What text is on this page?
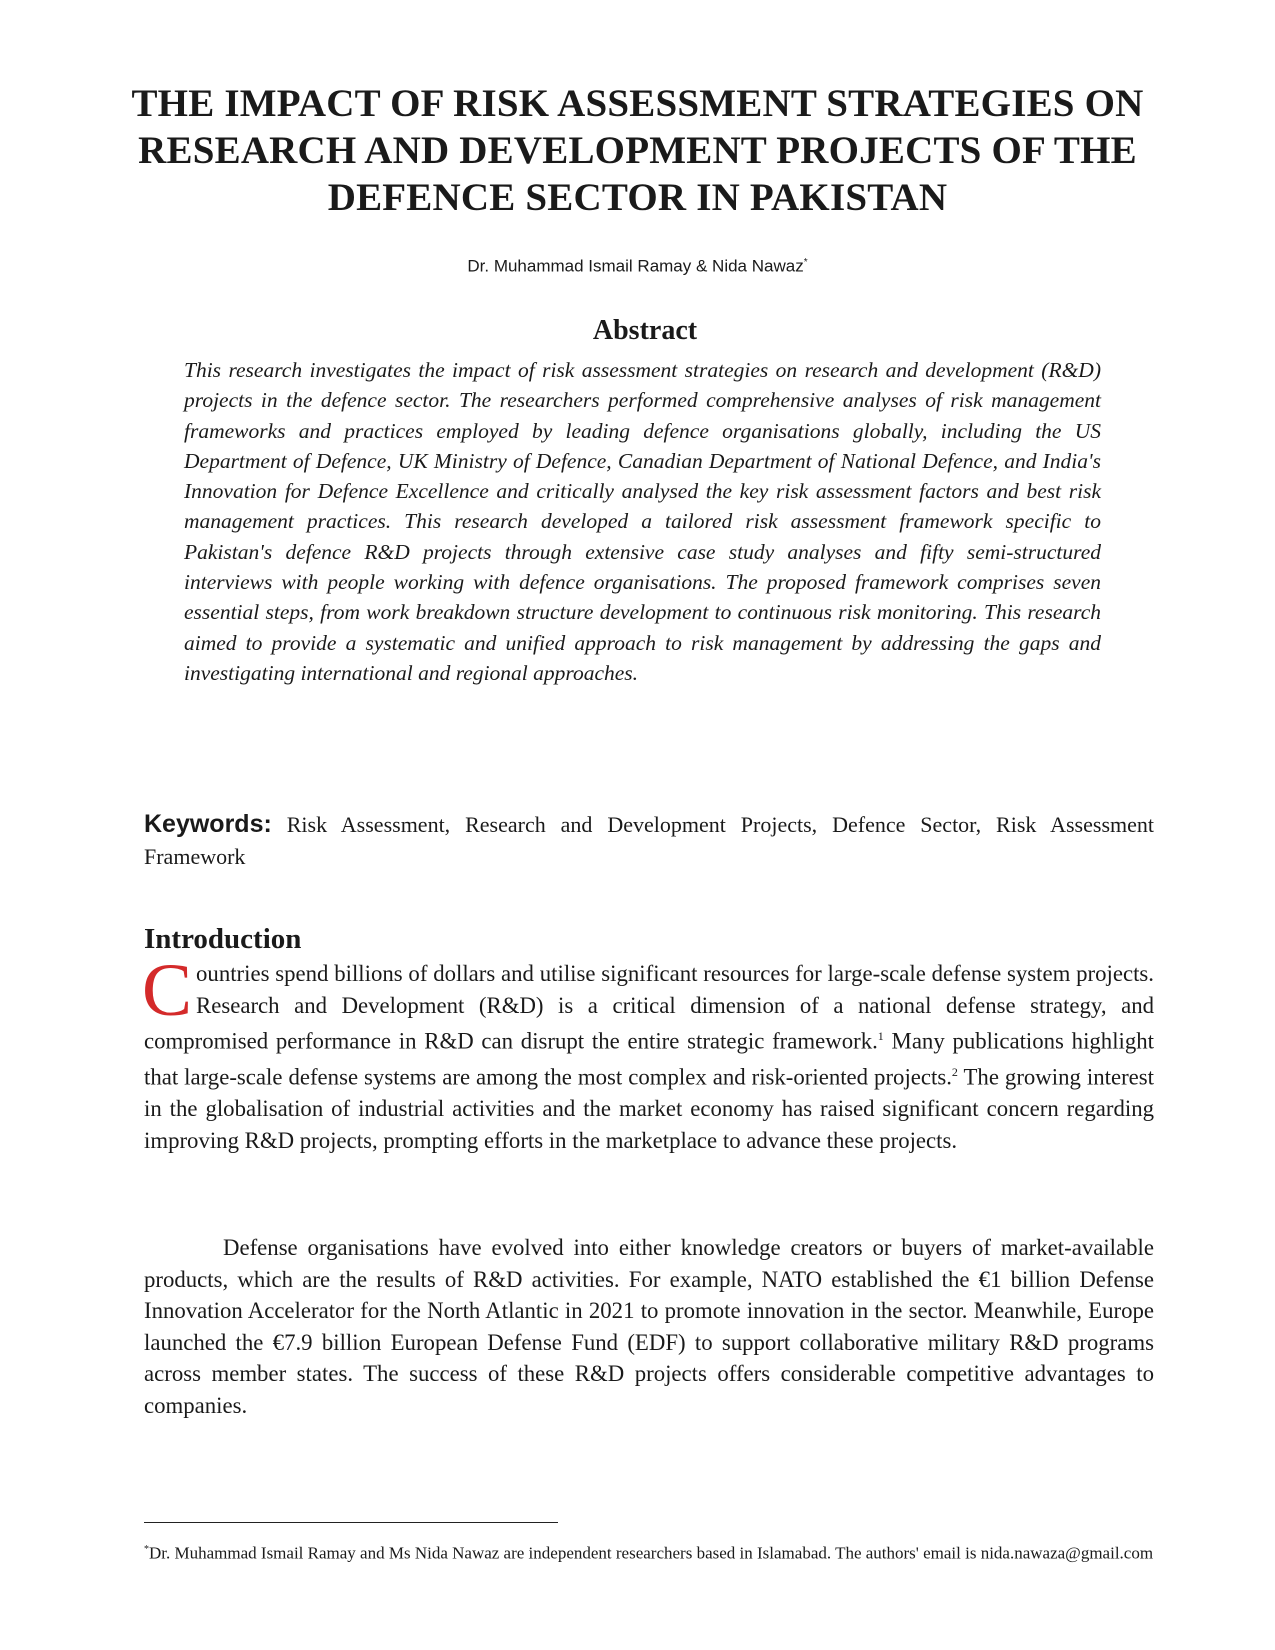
THE IMPACT OF RISK ASSESSMENT STRATEGIES ON
RESEARCH AND DEVELOPMENT PROJECTS OF THE
DEFENCE SECTOR IN PAKISTAN
Dr. Muhammad Ismail Ramay & Nida Nawaz*
Abstract

This research investigates the impact of risk assessment strategies on research and development (R&D) projects in the defence sector. The researchers performed comprehensive analyses of risk management frameworks and practices employed by leading defence organisations globally, including the US Department of Defence, UK Ministry of Defence, Canadian Department of National Defence, and India's Innovation for Defence Excellence and critically analysed the key risk assessment factors and best risk management practices. This research developed a tailored risk assessment framework specific to Pakistan's defence R&D projects through extensive case study analyses and fifty semi-structured interviews with people working with defence organisations. The proposed framework comprises seven essential steps, from work breakdown structure development to continuous risk monitoring. This research aimed to provide a systematic and unified approach to risk management by addressing the gaps and investigating international and regional approaches.

Keywords: Risk Assessment, Research and Development Projects, Defence Sector, Risk Assessment Framework

Introduction

Countries spend billions of dollars and utilise significant resources for large-scale defense system projects. Research and Development (R&D) is a critical dimension of a national defense strategy, and compromised performance in R&D can disrupt the entire strategic framework.$^1$ Many publications highlight that large-scale defense systems are among the most complex and risk-oriented projects.$^2$ The growing interest in the globalisation of industrial activities and the market economy has raised significant concern regarding improving R&D projects, prompting efforts in the marketplace to advance these projects.

Defense organisations have evolved into either knowledge creators or buyers of market-available products, which are the results of R&D activities. For example, NATO established the €1 billion Defense Innovation Accelerator for the North Atlantic in 2021 to promote innovation in the sector. Meanwhile, Europe launched the €7.9 billion European Defense Fund (EDF) to support collaborative military R&D programs across member states. The success of these R&D projects offers considerable competitive advantages to companies.

*Dr. Muhammad Ismail Ramay and Ms Nida Nawaz are independent researchers based in Islamabad. The authors' email is nida.nawaza@gmail.com
